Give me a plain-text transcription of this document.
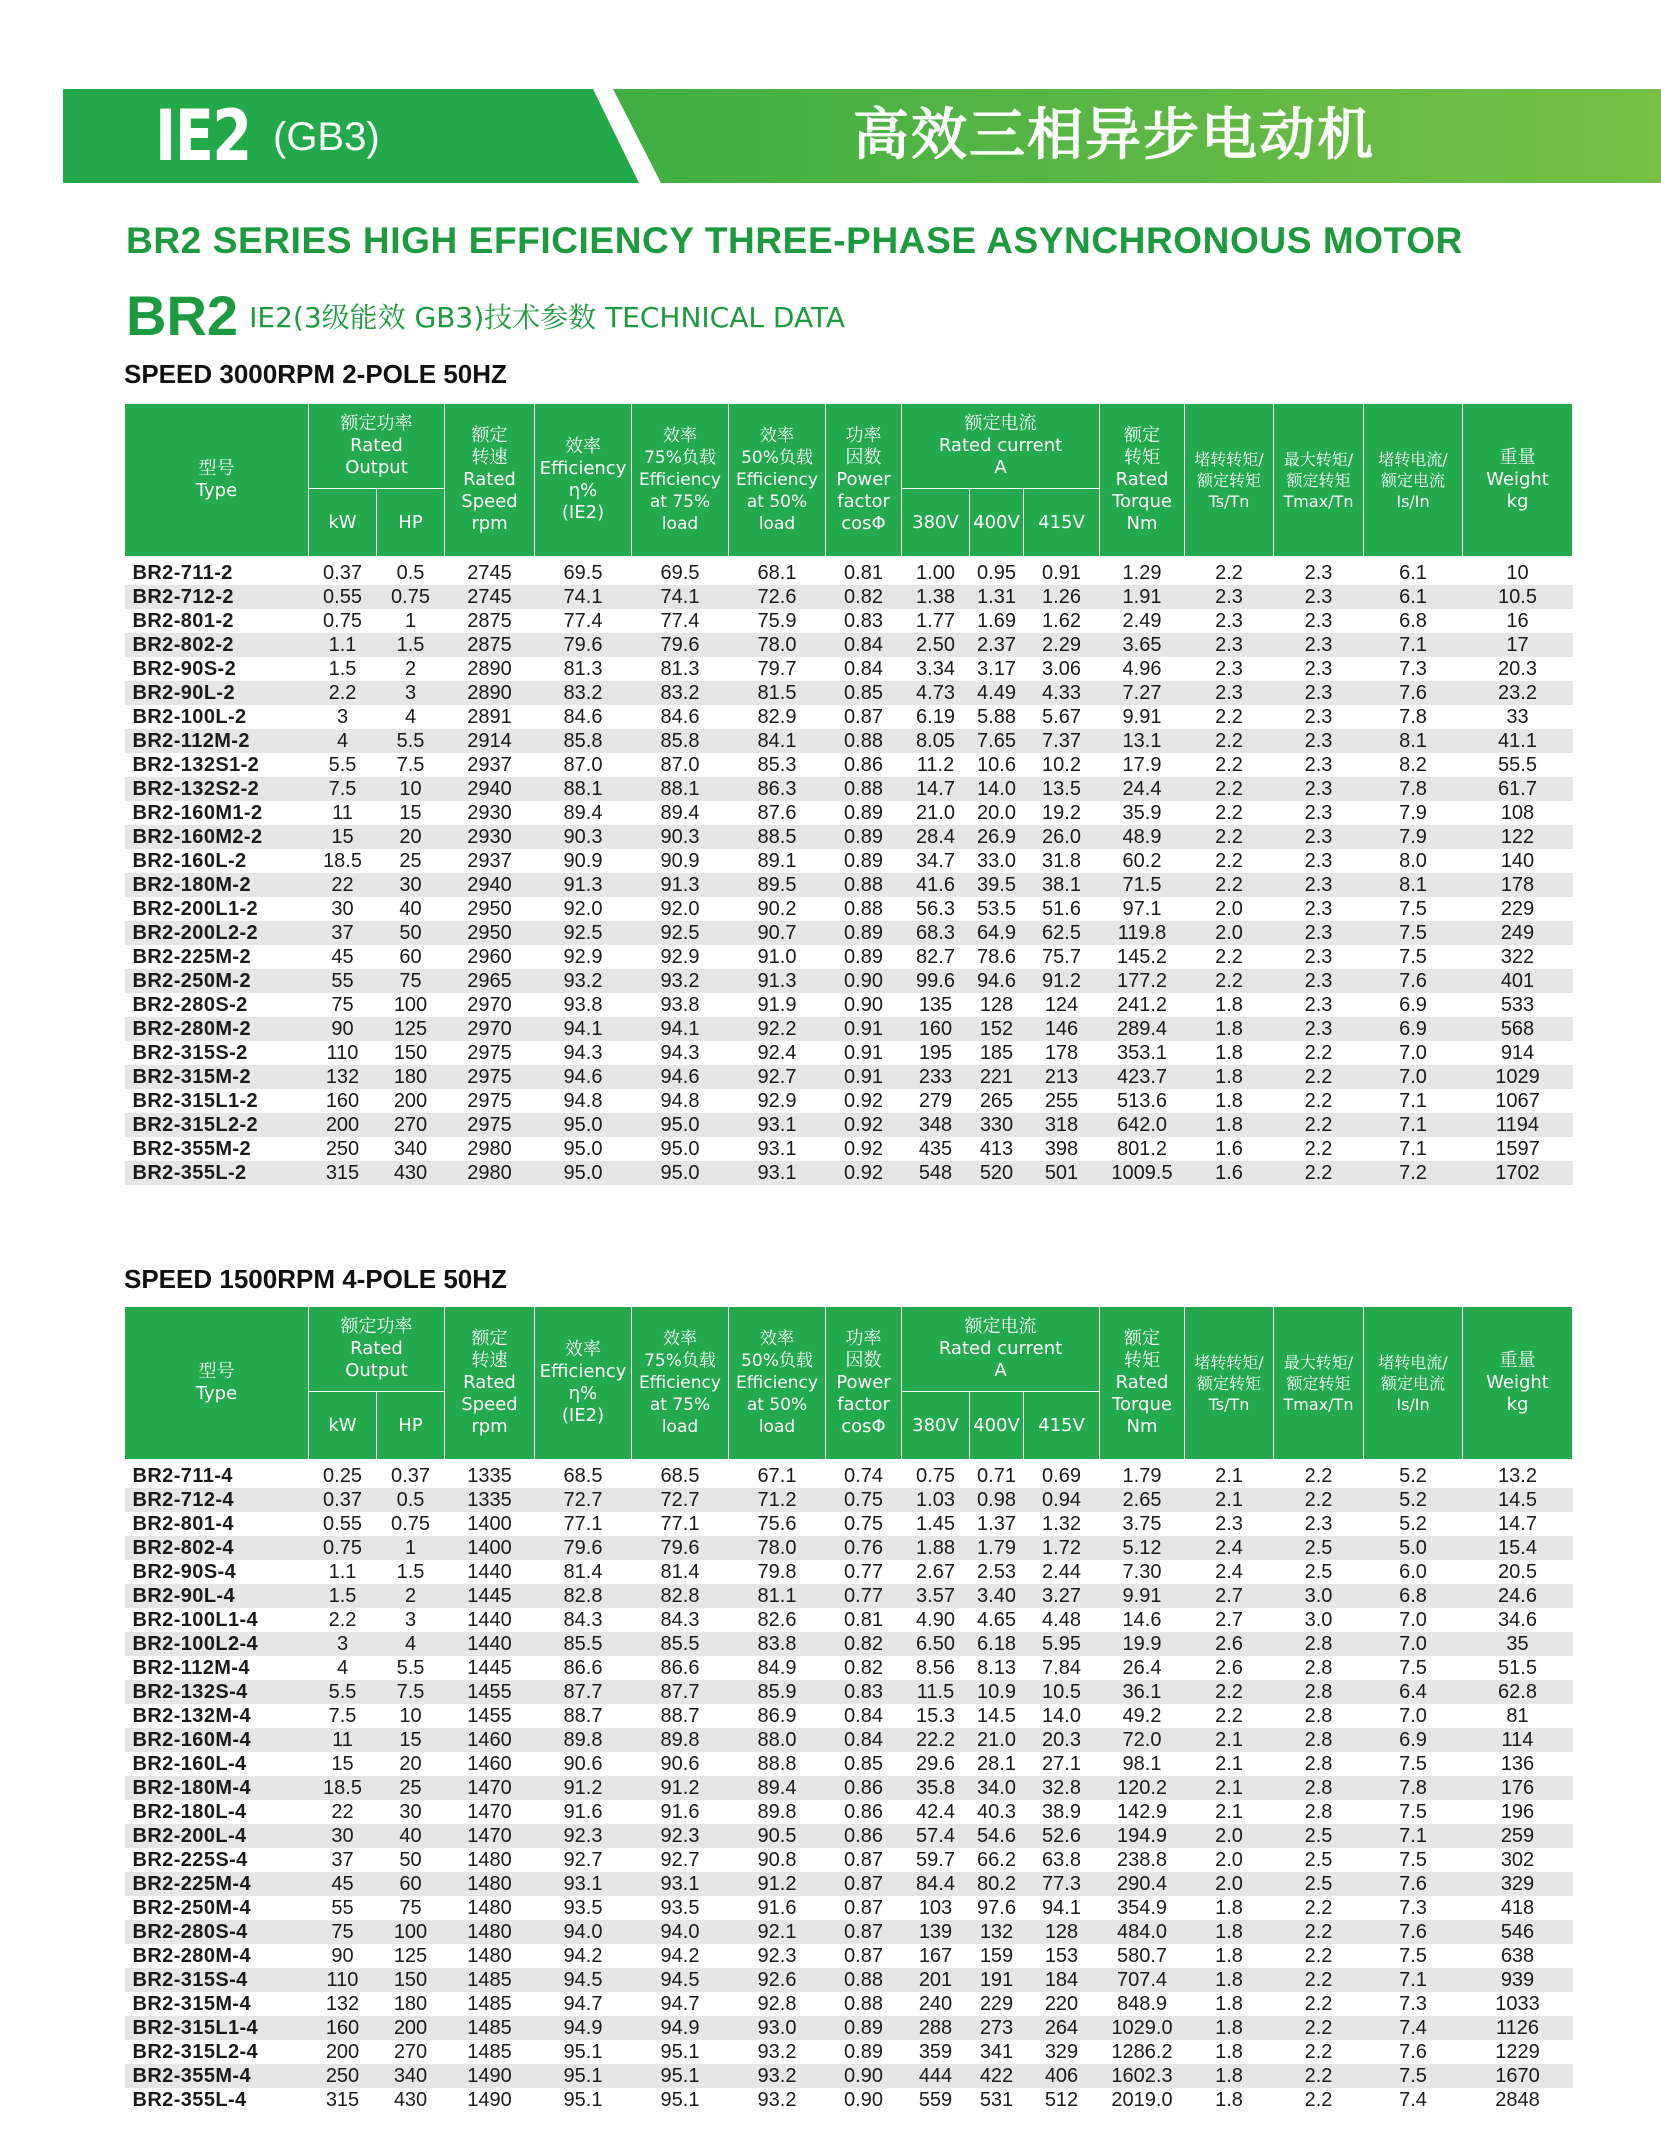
IE2 (GB3)	高效三相异步电动机
BR2 SERIES HIGH EFFICIENCY THREE-PHASE ASYNCHRONOUS MOTOR
BR2 IE2(3级能效 GB3)技术参数 TECHNICAL DATA
SPEED 3000RPM 2-POLE 50HZ
型号
Type	额定功率
Rated
Output		额定
转速
Rated
Speed
rpm	效率
Efficiency
η%
(IE2)	效率
75%负载
Efficiency
at 75%
load	效率
50%负载
Efficiency
at 50%
load	功率
因数
Power
factor
cosΦ	额定电流
Rated current
A			额定
转矩
Rated
Torque
Nm	堵转转矩/
额定转矩
Ts/Tn	最大转矩/
额定转矩
Tmax/Tn	堵转电流/
额定电流
Is/In	重量
Weight
kg

	kW	HP						380V	400V	415V					

BR2-711-2	0.37	0.5	2745	69.5	69.5	68.1	0.81	1.00	0.95	0.91	1.29	2.2	2.3	6.1	10
BR2-712-2	0.55	0.75	2745	74.1	74.1	72.6	0.82	1.38	1.31	1.26	1.91	2.3	2.3	6.1	10.5
BR2-801-2	0.75	1	2875	77.4	77.4	75.9	0.83	1.77	1.69	1.62	2.49	2.3	2.3	6.8	16
BR2-802-2	1.1	1.5	2875	79.6	79.6	78.0	0.84	2.50	2.37	2.29	3.65	2.3	2.3	7.1	17
BR2-90S-2	1.5	2	2890	81.3	81.3	79.7	0.84	3.34	3.17	3.06	4.96	2.3	2.3	7.3	20.3
BR2-90L-2	2.2	3	2890	83.2	83.2	81.5	0.85	4.73	4.49	4.33	7.27	2.3	2.3	7.6	23.2
BR2-100L-2	3	4	2891	84.6	84.6	82.9	0.87	6.19	5.88	5.67	9.91	2.2	2.3	7.8	33
BR2-112M-2	4	5.5	2914	85.8	85.8	84.1	0.88	8.05	7.65	7.37	13.1	2.2	2.3	8.1	41.1
BR2-132S1-2	5.5	7.5	2937	87.0	87.0	85.3	0.86	11.2	10.6	10.2	17.9	2.2	2.3	8.2	55.5
BR2-132S2-2	7.5	10	2940	88.1	88.1	86.3	0.88	14.7	14.0	13.5	24.4	2.2	2.3	7.8	61.7
BR2-160M1-2	11	15	2930	89.4	89.4	87.6	0.89	21.0	20.0	19.2	35.9	2.2	2.3	7.9	108
BR2-160M2-2	15	20	2930	90.3	90.3	88.5	0.89	28.4	26.9	26.0	48.9	2.2	2.3	7.9	122
BR2-160L-2	18.5	25	2937	90.9	90.9	89.1	0.89	34.7	33.0	31.8	60.2	2.2	2.3	8.0	140
BR2-180M-2	22	30	2940	91.3	91.3	89.5	0.88	41.6	39.5	38.1	71.5	2.2	2.3	8.1	178
BR2-200L1-2	30	40	2950	92.0	92.0	90.2	0.88	56.3	53.5	51.6	97.1	2.0	2.3	7.5	229
BR2-200L2-2	37	50	2950	92.5	92.5	90.7	0.89	68.3	64.9	62.5	119.8	2.0	2.3	7.5	249
BR2-225M-2	45	60	2960	92.9	92.9	91.0	0.89	82.7	78.6	75.7	145.2	2.2	2.3	7.5	322
BR2-250M-2	55	75	2965	93.2	93.2	91.3	0.90	99.6	94.6	91.2	177.2	2.2	2.3	7.6	401
BR2-280S-2	75	100	2970	93.8	93.8	91.9	0.90	135	128	124	241.2	1.8	2.3	6.9	533
BR2-280M-2	90	125	2970	94.1	94.1	92.2	0.91	160	152	146	289.4	1.8	2.3	6.9	568
BR2-315S-2	110	150	2975	94.3	94.3	92.4	0.91	195	185	178	353.1	1.8	2.2	7.0	914
BR2-315M-2	132	180	2975	94.6	94.6	92.7	0.91	233	221	213	423.7	1.8	2.2	7.0	1029
BR2-315L1-2	160	200	2975	94.8	94.8	92.9	0.92	279	265	255	513.6	1.8	2.2	7.1	1067
BR2-315L2-2	200	270	2975	95.0	95.0	93.1	0.92	348	330	318	642.0	1.8	2.2	7.1	1194
BR2-355M-2	250	340	2980	95.0	95.0	93.1	0.92	435	413	398	801.2	1.6	2.2	7.1	1597
BR2-355L-2	315	430	2980	95.0	95.0	93.1	0.92	548	520	501	1009.5	1.6	2.2	7.2	1702
SPEED 1500RPM 4-POLE 50HZ
型号
Type	额定功率
Rated
Output		额定
转速
Rated
Speed
rpm	效率
Efficiency
η%
(IE2)	效率
75%负载
Efficiency
at 75%
load	效率
50%负载
Efficiency
at 50%
load	功率
因数
Power
factor
cosΦ	额定电流
Rated current
A			额定
转矩
Rated
Torque
Nm	堵转转矩/
额定转矩
Ts/Tn	最大转矩/
额定转矩
Tmax/Tn	堵转电流/
额定电流
Is/In	重量
Weight
kg

	kW	HP						380V	400V	415V					

BR2-711-4	0.25	0.37	1335	68.5	68.5	67.1	0.74	0.75	0.71	0.69	1.79	2.1	2.2	5.2	13.2
BR2-712-4	0.37	0.5	1335	72.7	72.7	71.2	0.75	1.03	0.98	0.94	2.65	2.1	2.2	5.2	14.5
BR2-801-4	0.55	0.75	1400	77.1	77.1	75.6	0.75	1.45	1.37	1.32	3.75	2.3	2.3	5.2	14.7
BR2-802-4	0.75	1	1400	79.6	79.6	78.0	0.76	1.88	1.79	1.72	5.12	2.4	2.5	5.0	15.4
BR2-90S-4	1.1	1.5	1440	81.4	81.4	79.8	0.77	2.67	2.53	2.44	7.30	2.4	2.5	6.0	20.5
BR2-90L-4	1.5	2	1445	82.8	82.8	81.1	0.77	3.57	3.40	3.27	9.91	2.7	3.0	6.8	24.6
BR2-100L1-4	2.2	3	1440	84.3	84.3	82.6	0.81	4.90	4.65	4.48	14.6	2.7	3.0	7.0	34.6
BR2-100L2-4	3	4	1440	85.5	85.5	83.8	0.82	6.50	6.18	5.95	19.9	2.6	2.8	7.0	35
BR2-112M-4	4	5.5	1445	86.6	86.6	84.9	0.82	8.56	8.13	7.84	26.4	2.6	2.8	7.5	51.5
BR2-132S-4	5.5	7.5	1455	87.7	87.7	85.9	0.83	11.5	10.9	10.5	36.1	2.2	2.8	6.4	62.8
BR2-132M-4	7.5	10	1455	88.7	88.7	86.9	0.84	15.3	14.5	14.0	49.2	2.2	2.8	7.0	81
BR2-160M-4	11	15	1460	89.8	89.8	88.0	0.84	22.2	21.0	20.3	72.0	2.1	2.8	6.9	114
BR2-160L-4	15	20	1460	90.6	90.6	88.8	0.85	29.6	28.1	27.1	98.1	2.1	2.8	7.5	136
BR2-180M-4	18.5	25	1470	91.2	91.2	89.4	0.86	35.8	34.0	32.8	120.2	2.1	2.8	7.8	176
BR2-180L-4	22	30	1470	91.6	91.6	89.8	0.86	42.4	40.3	38.9	142.9	2.1	2.8	7.5	196
BR2-200L-4	30	40	1470	92.3	92.3	90.5	0.86	57.4	54.6	52.6	194.9	2.0	2.5	7.1	259
BR2-225S-4	37	50	1480	92.7	92.7	90.8	0.87	59.7	66.2	63.8	238.8	2.0	2.5	7.5	302
BR2-225M-4	45	60	1480	93.1	93.1	91.2	0.87	84.4	80.2	77.3	290.4	2.0	2.5	7.6	329
BR2-250M-4	55	75	1480	93.5	93.5	91.6	0.87	103	97.6	94.1	354.9	1.8	2.2	7.3	418
BR2-280S-4	75	100	1480	94.0	94.0	92.1	0.87	139	132	128	484.0	1.8	2.2	7.6	546
BR2-280M-4	90	125	1480	94.2	94.2	92.3	0.87	167	159	153	580.7	1.8	2.2	7.5	638
BR2-315S-4	110	150	1485	94.5	94.5	92.6	0.88	201	191	184	707.4	1.8	2.2	7.1	939
BR2-315M-4	132	180	1485	94.7	94.7	92.8	0.88	240	229	220	848.9	1.8	2.2	7.3	1033
BR2-315L1-4	160	200	1485	94.9	94.9	93.0	0.89	288	273	264	1029.0	1.8	2.2	7.4	1126
BR2-315L2-4	200	270	1485	95.1	95.1	93.2	0.89	359	341	329	1286.2	1.8	2.2	7.6	1229
BR2-355M-4	250	340	1490	95.1	95.1	93.2	0.90	444	422	406	1602.3	1.8	2.2	7.5	1670
BR2-355L-4	315	430	1490	95.1	95.1	93.2	0.90	559	531	512	2019.0	1.8	2.2	7.4	2848
